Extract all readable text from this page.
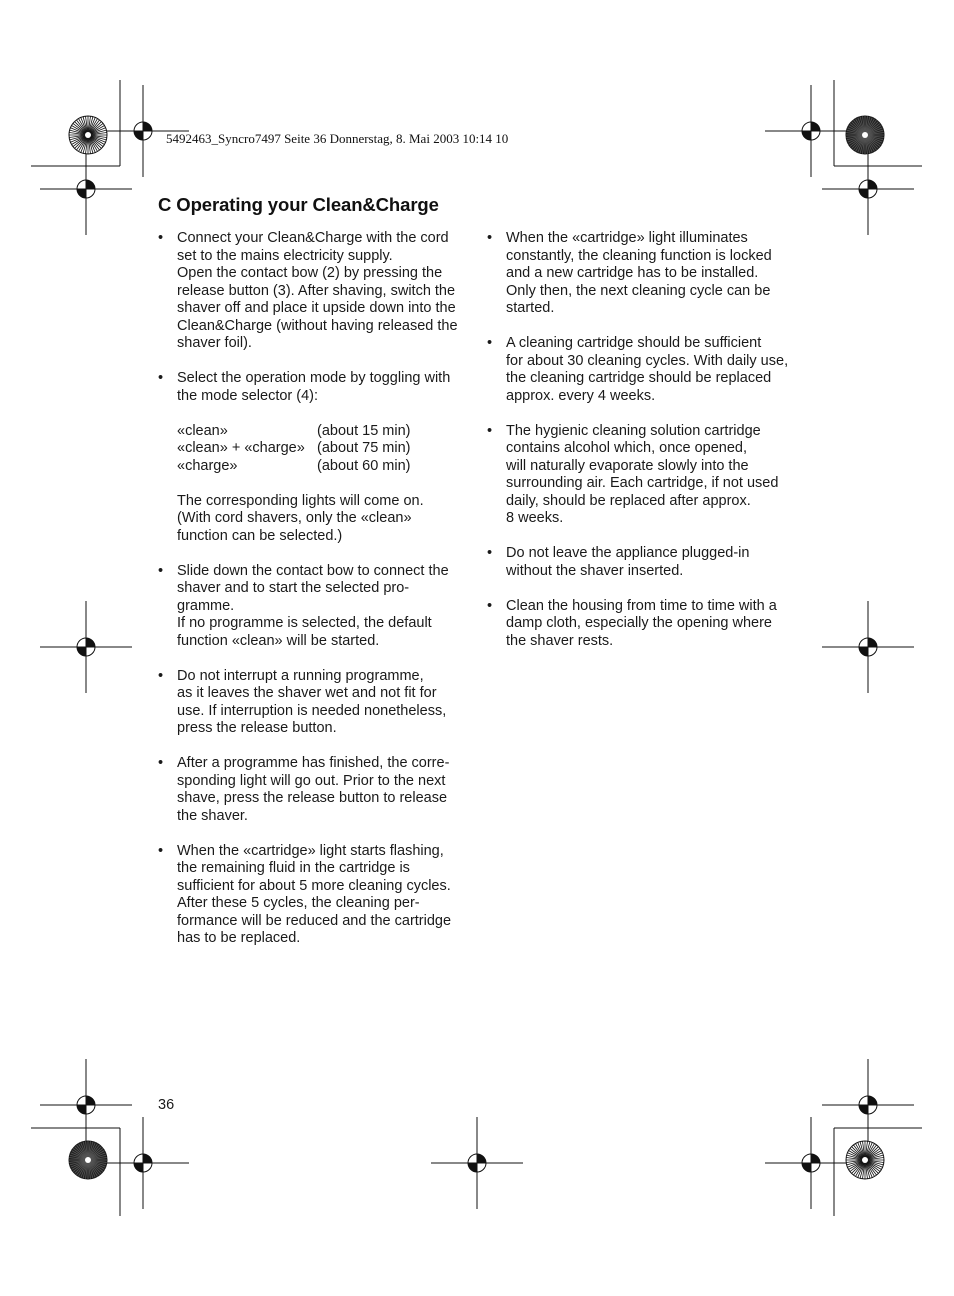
5492463_Syncro7497 Seite 36 Donnerstag, 8. Mai 2003 10:14 10
C Operating your Clean&Charge
• Connect your Clean&Charge with the cord
set to the mains electricity supply.
Open the contact bow (2) by pressing the
release button (3). After shaving, switch the
shaver off and place it upside down into the
Clean&Charge (without having released the
shaver foil).
• Select the operation mode by toggling with
the mode selector (4):
«clean»	(about 15 min)
«clean» + «charge» (about 75 min)
«charge»	(about 60 min)
The corresponding lights will come on.
(With cord shavers, only the «clean»
function can be selected.)
• Slide down the contact bow to connect the
shaver and to start the selected pro-
gramme.
If no programme is selected, the default
function «clean» will be started.
• Do not interrupt a running programme,
as it leaves the shaver wet and not fit for
use. If interruption is needed nonetheless,
press the release button.
• After a programme has finished, the corre-
sponding light will go out. Prior to the next
shave, press the release button to release
the shaver.
• When the «cartridge» light starts flashing,
the remaining fluid in the cartridge is
sufficient for about 5 more cleaning cycles.
After these 5 cycles, the cleaning per-
formance will be reduced and the cartridge
has to be replaced.
• When the «cartridge» light illuminates
constantly, the cleaning function is locked
and a new cartridge has to be installed.
Only then, the next cleaning cycle can be
started.
• A cleaning cartridge should be sufficient
for about 30 cleaning cycles. With daily use,
the cleaning cartridge should be replaced
approx. every 4 weeks.
• The hygienic cleaning solution cartridge
contains alcohol which, once opened,
will naturally evaporate slowly into the
surrounding air. Each cartridge, if not used
daily, should be replaced after approx.
8 weeks.
• Do not leave the appliance plugged-in
without the shaver inserted.
• Clean the housing from time to time with a
damp cloth, especially the opening where
the shaver rests.
36
